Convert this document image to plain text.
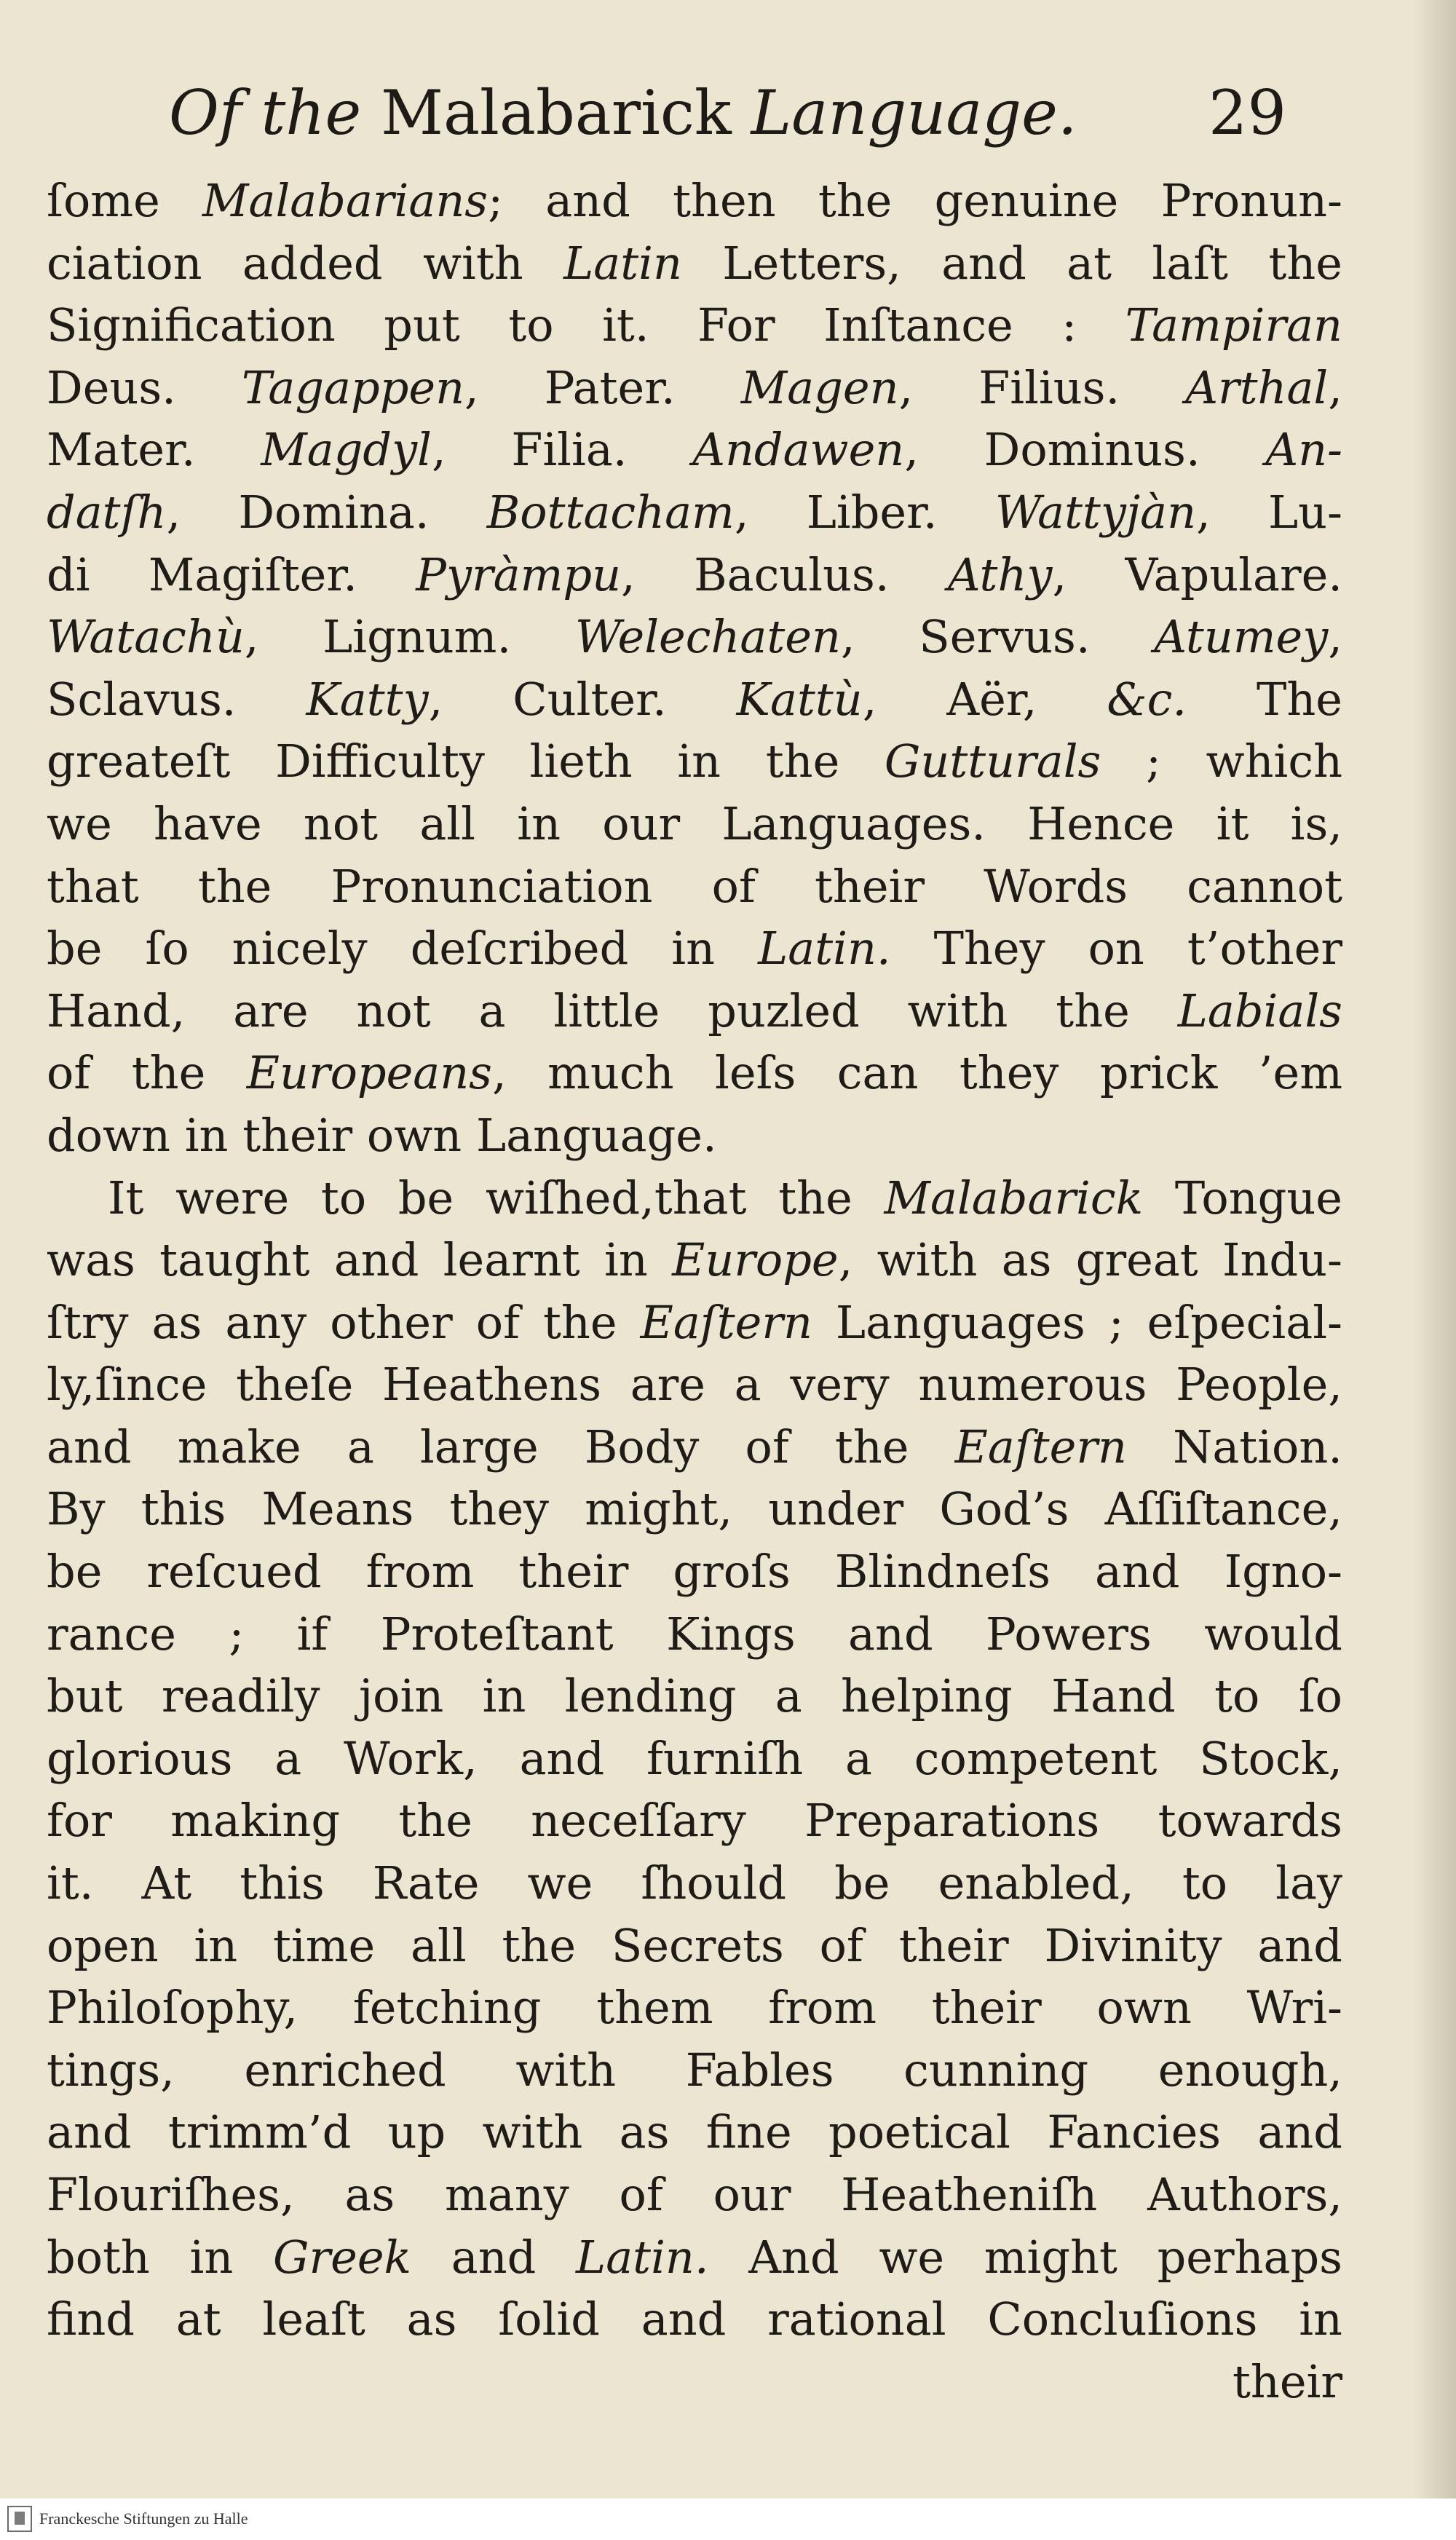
Of the Malabarick Language. 29
ſome Malabarians; and then the genuine Pronun-
ciation added with Latin Letters, and at laſt the
Signification put to it. For Inſtance : Tampiran
Deus. Tagappen, Pater. Magen, Filius. Arthal,
Mater. Magdyl, Filia. Andawen, Dominus. An-
datſh, Domina. Bottacham, Liber. Wattyjàn, Lu-
di Magiſter. Pyràmpu, Baculus. Athy, Vapulare.
Watachù, Lignum. Welechaten, Servus. Atumey,
Sclavus. Katty, Culter. Kattù, Aër, &c. The
greateſt Difficulty lieth in the Gutturals ; which
we have not all in our Languages. Hence it is,
that the Pronunciation of their Words cannot
be ſo nicely deſcribed in Latin. They on t’other
Hand, are not a little puzled with the Labials
of the Europeans, much leſs can they prick ’em
down in their own Language.
It were to be wiſhed,that the Malabarick Tongue
was taught and learnt in Europe, with as great Indu-
ſtry as any other of the Eaſtern Languages ; eſpecial-
ly,ſince theſe Heathens are a very numerous People,
and make a large Body of the Eaſtern Nation.
By this Means they might, under God’s Aſſiſtance,
be reſcued from their groſs Blindneſs and Igno-
rance ; if Proteſtant Kings and Powers would
but readily join in lending a helping Hand to ſo
glorious a Work, and furniſh a competent Stock,
for making the neceſſary Preparations towards
it. At this Rate we ſhould be enabled, to lay
open in time all the Secrets of their Divinity and
Philoſophy, fetching them from their own Wri-
tings, enriched with Fables cunning enough,
and trimm’d up with as fine poetical Fancies and
Flouriſhes, as many of our Heatheniſh Authors,
both in Greek and Latin. And we might perhaps
find at leaſt as ſolid and rational Concluſions in
their
Franckesche Stiftungen zu Halle
